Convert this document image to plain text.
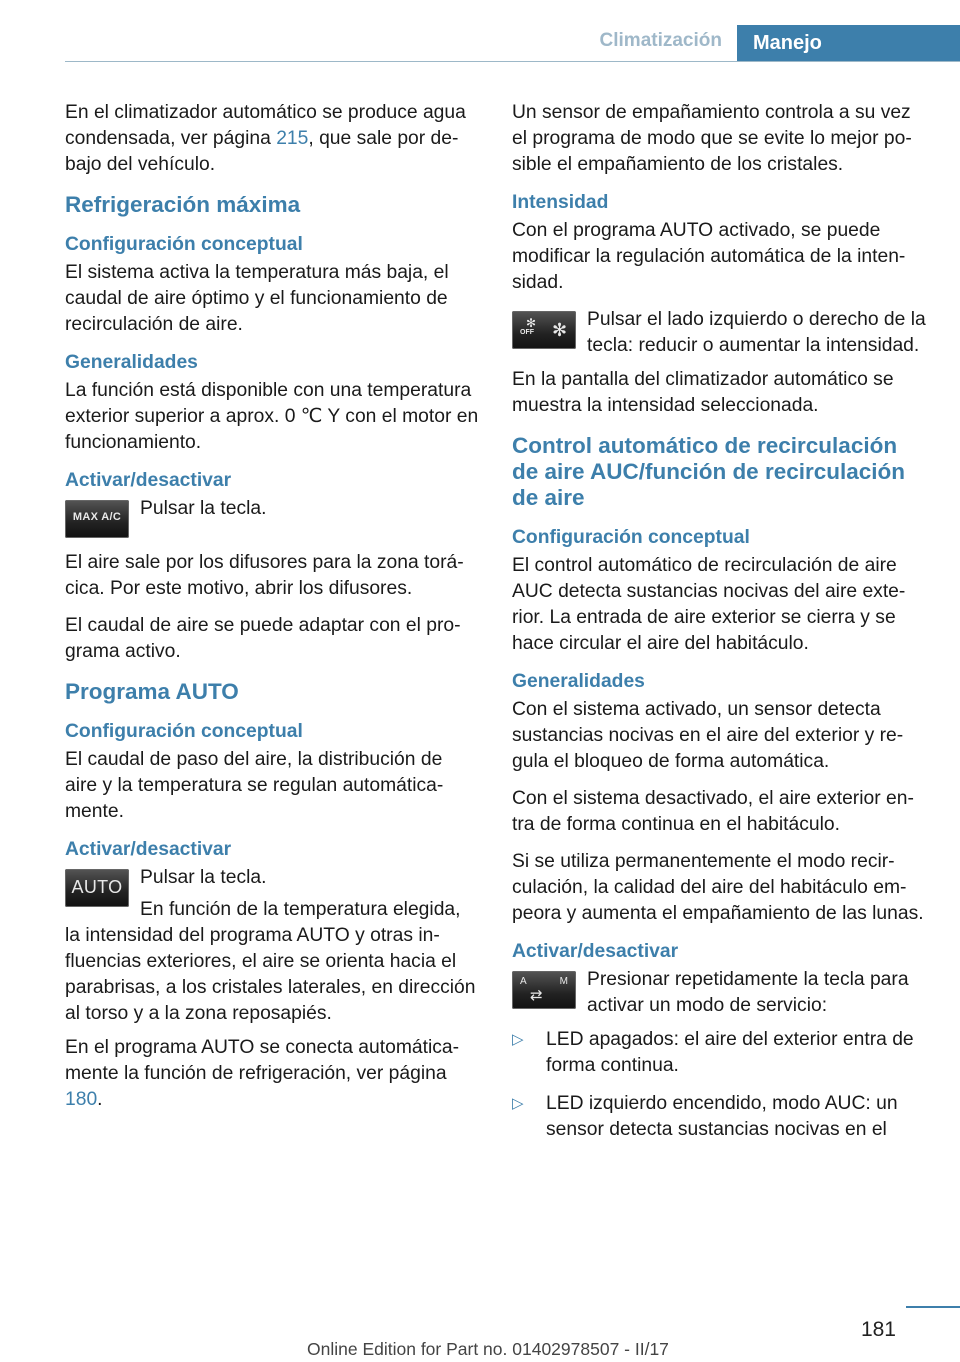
Climatización	Manejo

En el climatizador automático se produce agua condensada, ver página 215, que sale por debajo del vehículo.

Refrigeración máxima
Configuración conceptual

El sistema activa la temperatura más baja, el caudal de aire óptimo y el funcionamiento de recirculación de aire.

Generalidades

La función está disponible con una temperatura exterior superior a aprox. 0 ℃ Y con el motor en funcionamiento.

Activar/desactivar
MAX A/C Pulsar la tecla.

El aire sale por los difusores para la zona torácica. Por este motivo, abrir los difusores.

El caudal de aire se puede adaptar con el programa activo.

Programa AUTO
Configuración conceptual

El caudal de paso del aire, la distribución de aire y la temperatura se regulan automáticamente.

Activar/desactivar
AUTO Pulsar la tecla.

En función de la temperatura elegida, la intensidad del programa AUTO y otras influencias exteriores, el aire se orienta hacia el parabrisas, a los cristales laterales, en dirección al torso y a la zona reposapiés.

En el programa AUTO se conecta automáticamente la función de refrigeración, ver página 180.

Un sensor de empañamiento controla a su vez el programa de modo que se evite lo mejor posible el empañamiento de los cristales.

Intensidad

Con el programa AUTO activado, se puede modificar la regulación automática de la intensidad.

✻
OFF ✻	Pulsar el lado izquierdo o derecho de la tecla: reducir o aumentar la intensidad.

En la pantalla del climatizador automático se muestra la intensidad seleccionada.

Control automático de recirculación de aire AUC/función de recirculación de aire
Configuración conceptual

El control automático de recirculación de aire AUC detecta sustancias nocivas del aire exterior. La entrada de aire exterior se cierra y se hace circular el aire del habitáculo.

Generalidades

Con el sistema activado, un sensor detecta sustancias nocivas en el aire del exterior y regula el bloqueo de forma automática.

Con el sistema desactivado, el aire exterior entra de forma continua en el habitáculo.

Si se utiliza permanentemente el modo recirculación, la calidad del aire del habitáculo empeora y aumenta el empañamiento de las lunas.

Activar/desactivar
A	M
⇄

Presionar repetidamente la tecla para activar un modo de servicio:

▷ LED apagados: el aire del exterior entra de forma continua.
▷ LED izquierdo encendido, modo AUC: un sensor detecta sustancias nocivas en el
181
Online Edition for Part no. 01402978507 - II/17
